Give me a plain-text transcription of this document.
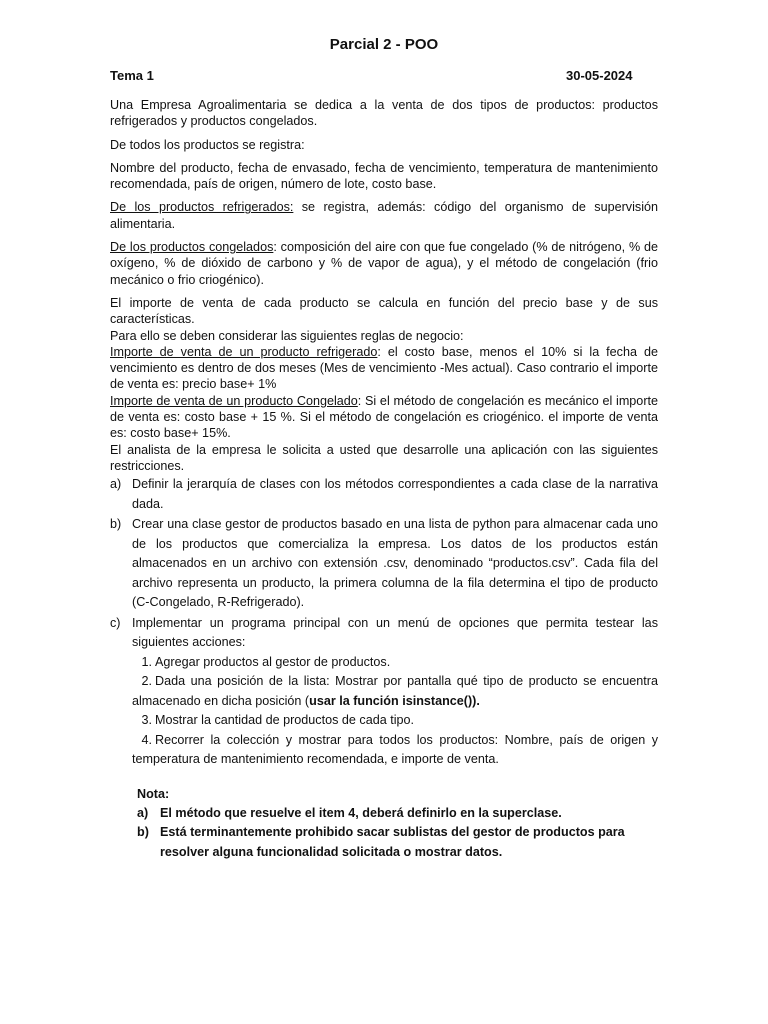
Parcial 2 - POO
Tema 1	30-05-2024

Una Empresa Agroalimentaria se dedica a la venta de dos tipos de productos: productos refrigerados y productos congelados.

De todos los productos se registra:

Nombre del producto, fecha de envasado, fecha de vencimiento, temperatura de mantenimiento recomendada, país de origen, número de lote, costo base.

De los productos refrigerados: se registra, además: código del organismo de supervisión alimentaria.

De los productos congelados: composición del aire con que fue congelado (% de nitrógeno, % de oxígeno, % de dióxido de carbono y % de vapor de agua), y el método de congelación (frio mecánico o frio criogénico).

El importe de venta de cada producto se calcula en función del precio base y de sus características.

Para ello se deben considerar las siguientes reglas de negocio:

Importe de venta de un producto refrigerado: el costo base, menos el 10% si la fecha de vencimiento es dentro de dos meses (Mes de vencimiento -Mes actual). Caso contrario el importe de venta es: precio base+ 1%

Importe de venta de un producto Congelado: Si el método de congelación es mecánico el importe de venta es: costo base + 15 %. Si el método de congelación es criogénico. el importe de venta es: costo base+ 15%.

El analista de la empresa le solicita a usted que desarrolle una aplicación con las siguientes restricciones.

a) Definir la jerarquía de clases con los métodos correspondientes a cada clase de la narrativa dada.
b) Crear una clase gestor de productos basado en una lista de python para almacenar cada uno de los productos que comercializa la empresa. Los datos de los productos están almacenados en un archivo con extensión .csv, denominado “productos.csv”. Cada fila del archivo representa un producto, la primera columna de la fila determina el tipo de producto (C-Congelado, R-Refrigerado).
c) Implementar un programa principal con un menú de opciones que permita testear las siguientes acciones:

1. Agregar productos al gestor de productos.

2. Dada una posición de la lista: Mostrar por pantalla qué tipo de producto se encuentra almacenado en dicha posición (usar la función isinstance()).

3. Mostrar la cantidad de productos de cada tipo.

4. Recorrer la colección y mostrar para todos los productos: Nombre, país de origen y temperatura de mantenimiento recomendada, e importe de venta.

Nota:
a) El método que resuelve el item 4, deberá definirlo en la superclase.
b) Está terminantemente prohibido sacar sublistas del gestor de productos para resolver alguna funcionalidad solicitada o mostrar datos.
